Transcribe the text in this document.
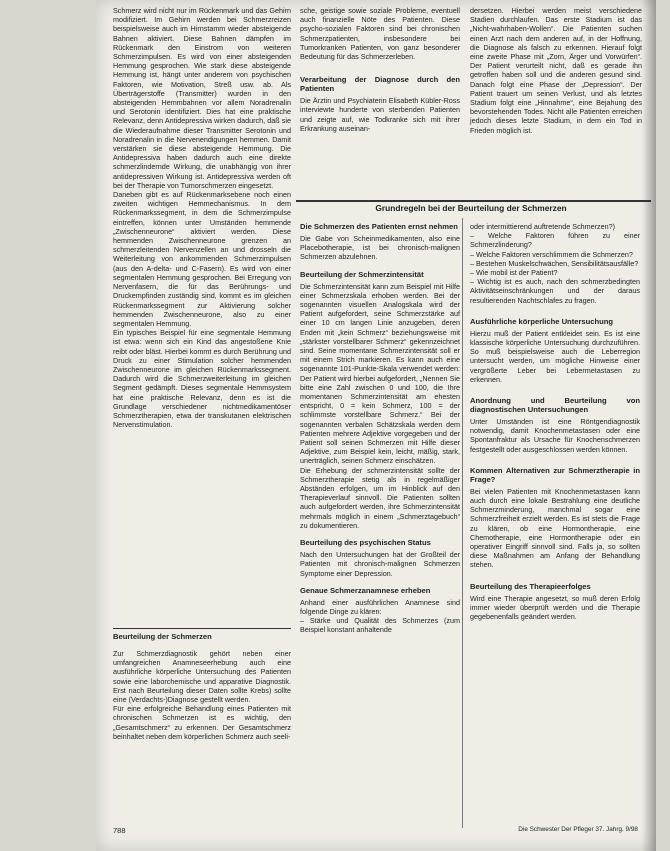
Schmerz wird nicht nur im Rückenmark und das Gehirn modifiziert. Im Gehirn werden bei Schmerzreizen beispielsweise auch im Hirnstamm wieder absteigende Bahnen aktiviert. Diese Bahnen dämpfen im Rückenmark den Einstrom von weiteren Schmerzimpulsen. Es wird von einer absteigenden Hemmung gesprochen. Wie stark diese absteigende Hemmung ist, hängt unter anderem von psychischen Faktoren, wie Motivation, Streß usw. ab. Als Überträgerstoffe (Transmitter) wurden in den absteigenden Hemmbahnen vor allem Noradrenalin und Serotonin identifiziert. Dies hat eine praktische Relevanz, denn Antidepressiva wirken dadurch, daß sie die Wiederaufnahme dieser Transmitter Serotonin und Noradrenalin in die Nervenendigungen hemmen. Damit verstärken sie diese absteigende Hemmung. Die Antidepressiva haben dadurch auch eine direkte schmerzlindernde Wirkung, die unabhängig von ihrer antidepressiven Wirkung ist. Antidepressiva werden oft bei der Therapie von Tumorschmerzen eingesetzt.

Daneben gibt es auf Rückenmarksebene noch einen zweiten wichtigen Hemmechanismus. In dem Rückenmarkssegment, in dem die Schmerzimpulse eintreffen, können unter Umständen hemmende „Zwischenneurone“ aktiviert werden. Diese hemmenden Zwischenneurone grenzen an schmerzleitenden Nervenzellen an und drosseln die Weiterleitung von ankommenden Schmerzimpulsen (aus den A-delta- und C-Fasern). Es wird von einer segmentalen Hemmung gesprochen. Bei Erregung von Nervenfasern, die für das Berührungs- und Druckempfinden zuständig sind, kommt es im gleichen Rückenmarkssegment zur Aktivierung solcher hemmenden Zwischenneurone, also zu einer segmentalen Hemmung.

Ein typisches Beispiel für eine segmentale Hemmung ist etwa: wenn sich ein Kind das angestoßene Knie reibt oder bläst. Hierbei kommt es durch Berührung und Druck zu einer Stimulation solcher hemmenden Zwischenneurone im gleichen Rückenmarkssegment. Dadurch wird die Schmerzweiterleitung im gleichen Segment gedämpft. Dieses segmentale Hemmsystem hat eine praktische Relevanz, denn es ist die Grundlage verschiedener nichtmedikamentöser Schmerztherapien, etwa der transkutanen elektrischen Nervenstimulation.

Beurteilung der Schmerzen

Zur Schmerzdiagnostik gehört neben einer umfangreichen Anamneseerhebung auch eine ausführliche körperliche Untersuchung des Patienten sowie eine laborchemische und apparative Diagnostik. Erst nach Beurteilung dieser Daten sollte Krebs) sollte eine (Verdachts-)Diagnose gestellt werden.

Für eine erfolgreiche Behandlung eines Patienten mit chronischen Schmerzen ist es wichtig, den „Gesamtschmerz“ zu erkennen. Der Gesamtschmerz beinhaltet neben dem körperlichen Schmerz auch seeli-

sche, geistige sowie soziale Probleme, eventuell auch finanzielle Nöte des Patienten. Diese psycho-sozialen Faktoren sind bei chronischen Schmerzpatienten, insbesondere bei Tumorkranken Patienten, von ganz besonderer Bedeutung für das Schmerzerleben.

Verarbeitung der Diagnose durch den Patienten

Die Ärztin und Psychiaterin Elisabeth Kübler-Ross interviewte hunderte von sterbenden Patienten und zeigte auf, wie Todkranke sich mit ihrer Erkrankung auseinan-

dersetzen. Hierbei werden meist verschiedene Stadien durchlaufen. Das erste Stadium ist das „Nicht-wahrhaben-Wollen“. Die Patienten suchen einen Arzt nach dem anderen auf, in der Hoffnung, die Diagnose als falsch zu erkennen. Hierauf folgt eine zweite Phase mit „Zorn, Ärger und Vorwürfen“. Der Patient verurteilt nicht, daß es gerade ihn getroffen haben soll und die anderen gesund sind. Danach folgt eine Phase der „Depression“. Der Patient trauert um seinen Verlust, und als letztes Stadium folgt eine „Hinnahme“, eine Bejahung des bevorstehenden Todes. Nicht alle Patienten erreichen jedoch dieses letzte Stadium, in dem ein Tod in Frieden möglich ist.

Grundregeln bei der Beurteilung der Schmerzen
Die Schmerzen des Patienten ernst nehmen

Die Gabe von Scheinmedikamenten, also eine Placebotherapie, ist bei chronisch-malignen Schmerzen abzulehnen.

Beurteilung der Schmerzintensität

Die Schmerzintensität kann zum Beispiel mit Hilfe einer Schmerzskala erhoben werden. Bei der sogenannten visuellen Analogskala wird der Patient aufgefordert, seine Schmerzstärke auf einer 10 cm langen Linie anzugeben, deren Enden mit „kein Schmerz“ beziehungsweise mit „stärkster vorstellbarer Schmerz“ gekennzeichnet sind. Seine momentane Schmerzintensität soll er mit einem Strich markieren. Es kann auch eine sogenannte 101-Punkte-Skala verwendet werden: Der Patient wird hierbei aufgefordert, „Nennen Sie bitte eine Zahl zwischen 0 und 100, die Ihre momentanen Schmerzintensität am ehesten entspricht, 0 = kein Schmerz, 100 = der schlimmste vorstellbare Schmerz.“ Bei der sogenannten verbalen Schätzskala werden dem Patienten mehrere Adjektive vorgegeben und der Patient soll seinen Schmerzen mit Hilfe dieser Adjektive, zum Beispiel kein, leicht, mäßig, stark, unerträglich, seinen Schmerz einschätzen.

Die Erhebung der schmerzintensität sollte der Schmerztherapie stetig als in regelmäßiger Abständen erfolgen, um im Hinblick auf den Therapieverlauf sinnvoll. Die Patienten sollten auch aufgefordert werden, ihre Schmerzintensität mehrmals möglich in einem „Schmerztagebuch“ zu dokumentieren.

Beurteilung des psychischen Status

Nach den Untersuchungen hat der Großteil der Patienten mit chronisch-malignen Schmerzen Symptome einer Depression.

Genaue Schmerzanamnese erheben

Anhand einer ausführlichen Anamnese sind folgende Dinge zu klären:

– Stärke und Qualität des Schmerzes (zum Beispiel konstant anhaltende
oder intermittierend auftretende Schmerzen?)
– Welche Faktoren führen zu einer Schmerzlinderung?
– Welche Faktoren verschlimmern die Schmerzen?
– Bestehen Muskelschwächen, Sensibilitätsausfälle?
– Wie mobil ist der Patient?
– Wichtig ist es auch, nach den schmerzbedingten Aktivitätseinschränkungen und der daraus resultierenden Nachtschlafes zu fragen.
Ausführliche körperliche Untersuchung

Hierzu muß der Patient entkleidet sein. Es ist eine klassische körperliche Untersuchung durchzuführen. So muß beispielsweise auch die Leberregion untersucht werden, um mögliche Hinweise einer vergrößerte Leber bei Lebermetastasen zu erkennen.

Anordnung und Beurteilung von diagnostischen Untersuchungen

Unter Umständen ist eine Röntgendiagnostik notwendig, damit Knochenmetastasen oder eine Spontanfraktur als Ursache für Knochenschmerzen festgestellt oder ausgeschlossen werden können.

Kommen Alternativen zur Schmerztherapie in Frage?

Bei vielen Patienten mit Knochenmetastasen kann auch durch eine lokale Bestrahlung eine deutliche Schmerzminderung, manchmal sogar eine Schmerzfreiheit erzielt werden. Es ist stets die Frage zu klären, ob eine Hormontherapie, eine Chemotherapie, eine Hormontherapie oder ein operativer Eingriff sinnvoll sind. Falls ja, so sollten diese Maßnahmen am Anfang der Behandlung stehen.

Beurteilung des Therapieerfolges

Wird eine Therapie angesetzt, so muß deren Erfolg immer wieder überprüft werden und die Therapie gegebenenfalls geändert werden.

788	Die Schwester Der Pfleger 37. Jahrg. 9/98
